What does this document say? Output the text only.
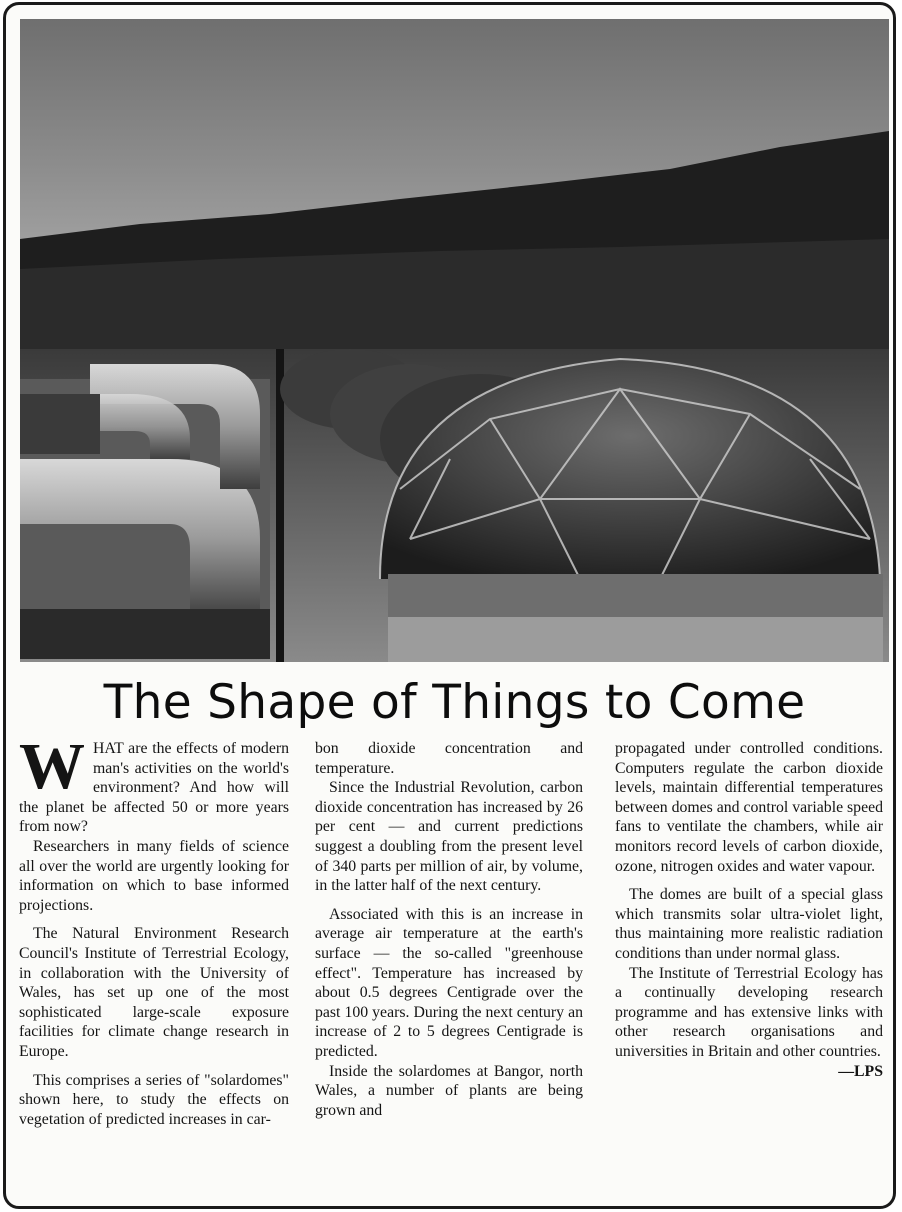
The Shape of Things to Come

WHAT are the effects of modern man's activities on the world's environment? And how will the planet be affected 50 or more years from now?

Researchers in many fields of science all over the world are urgently looking for information on which to base informed projections.

The Natural Environment Research Council's Institute of Terrestrial Ecology, in collaboration with the University of Wales, has set up one of the most sophisticated large-scale exposure facilities for climate change research in Europe.

This comprises a series of "solardomes" shown here, to study the effects on vegetation of predicted increases in car-

bon dioxide concentration and temperature.

Since the Industrial Revolution, carbon dioxide concentration has increased by 26 per cent — and current predictions suggest a doubling from the present level of 340 parts per million of air, by volume, in the latter half of the next century.

Associated with this is an increase in average air temperature at the earth's surface — the so-called "greenhouse effect". Temperature has increased by about 0.5 degrees Centigrade over the past 100 years. During the next century an increase of 2 to 5 degrees Centigrade is predicted.

Inside the solardomes at Bangor, north Wales, a number of plants are being grown and

propagated under controlled conditions. Computers regulate the carbon dioxide levels, maintain differential temperatures between domes and control variable speed fans to ventilate the chambers, while air monitors record levels of carbon dioxide, ozone, nitrogen oxides and water vapour.

The domes are built of a special glass which transmits solar ultra-violet light, thus maintaining more realistic radiation conditions than under normal glass.

The Institute of Terrestrial Ecology has a continually developing research programme and has extensive links with other research organisations and universities in Britain and other countries.

—LPS
